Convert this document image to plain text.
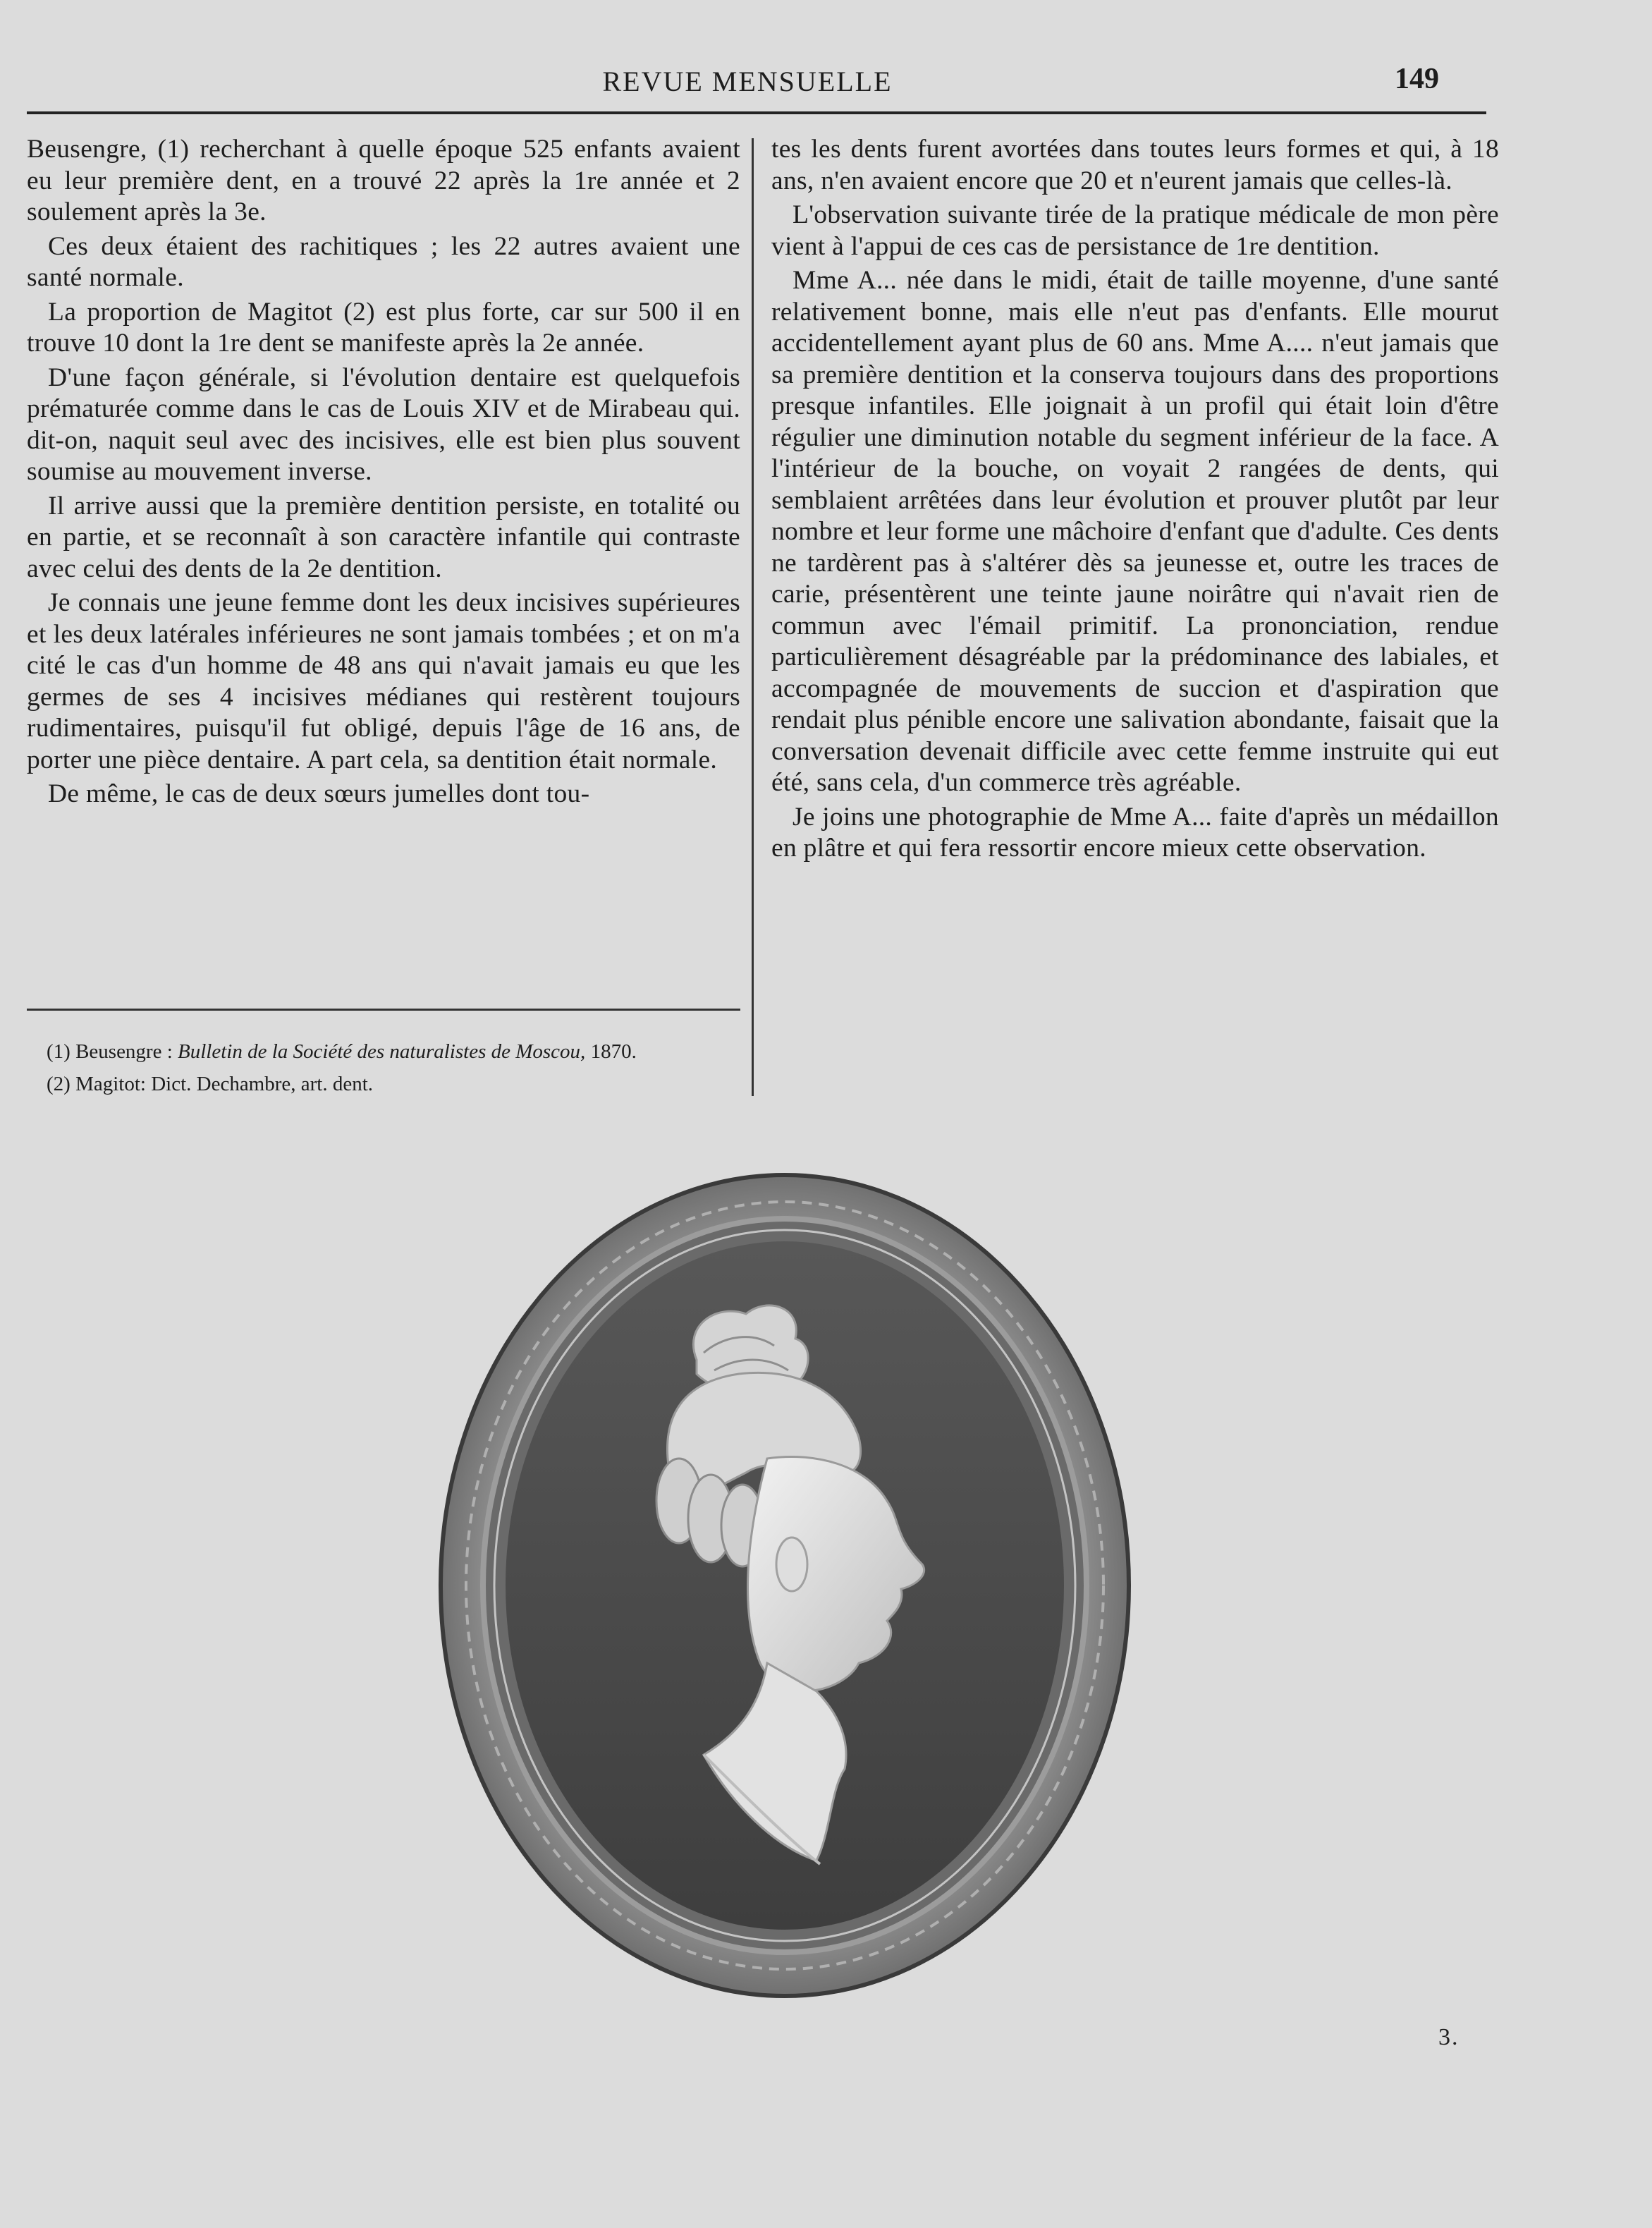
REVUE MENSUELLE	149

Beusengre, (1) recherchant à quelle époque 525 enfants avaient eu leur première dent, en a trouvé 22 après la 1re année et 2 soulement après la 3e.

Ces deux étaient des rachitiques ; les 22 autres avaient une santé normale.

La proportion de Magitot (2) est plus forte, car sur 500 il en trouve 10 dont la 1re dent se manifeste après la 2e année.

D'une façon générale, si l'évolution dentaire est quelquefois prématurée comme dans le cas de Louis XIV et de Mirabeau qui. dit-on, naquit seul avec des incisives, elle est bien plus souvent soumise au mouvement inverse.

Il arrive aussi que la première dentition persiste, en totalité ou en partie, et se reconnaît à son caractère infantile qui contraste avec celui des dents de la 2e dentition.

Je connais une jeune femme dont les deux incisives supérieures et les deux latérales inférieures ne sont jamais tombées ; et on m'a cité le cas d'un homme de 48 ans qui n'avait jamais eu que les germes de ses 4 incisives médianes qui restèrent toujours rudimentaires, puisqu'il fut obligé, depuis l'âge de 16 ans, de porter une pièce dentaire. A part cela, sa dentition était normale.

De même, le cas de deux sœurs jumelles dont tou-

(1) Beusengre : Bulletin de la Société des naturalistes de Moscou, 1870.
(2) Magitot: Dict. Dechambre, art. dent.

tes les dents furent avortées dans toutes leurs formes et qui, à 18 ans, n'en avaient encore que 20 et n'eurent jamais que celles-là.

L'observation suivante tirée de la pratique médicale de mon père vient à l'appui de ces cas de persistance de 1re dentition.

Mme A... née dans le midi, était de taille moyenne, d'une santé relativement bonne, mais elle n'eut pas d'enfants. Elle mourut accidentellement ayant plus de 60 ans. Mme A.... n'eut jamais que sa première dentition et la conserva toujours dans des proportions presque infantiles. Elle joignait à un profil qui était loin d'être régulier une diminution notable du segment inférieur de la face. A l'intérieur de la bouche, on voyait 2 rangées de dents, qui semblaient arrêtées dans leur évolution et prouver plutôt par leur nombre et leur forme une mâchoire d'enfant que d'adulte. Ces dents ne tardèrent pas à s'altérer dès sa jeunesse et, outre les traces de carie, présentèrent une teinte jaune noirâtre qui n'avait rien de commun avec l'émail primitif. La prononciation, rendue particulièrement désagréable par la prédominance des labiales, et accompagnée de mouvements de succion et d'aspiration que rendait plus pénible encore une salivation abondante, faisait que la conversation devenait difficile avec cette femme instruite qui eut été, sans cela, d'un commerce très agréable.

Je joins une photographie de Mme A... faite d'après un médaillon en plâtre et qui fera ressortir encore mieux cette observation.

3.
